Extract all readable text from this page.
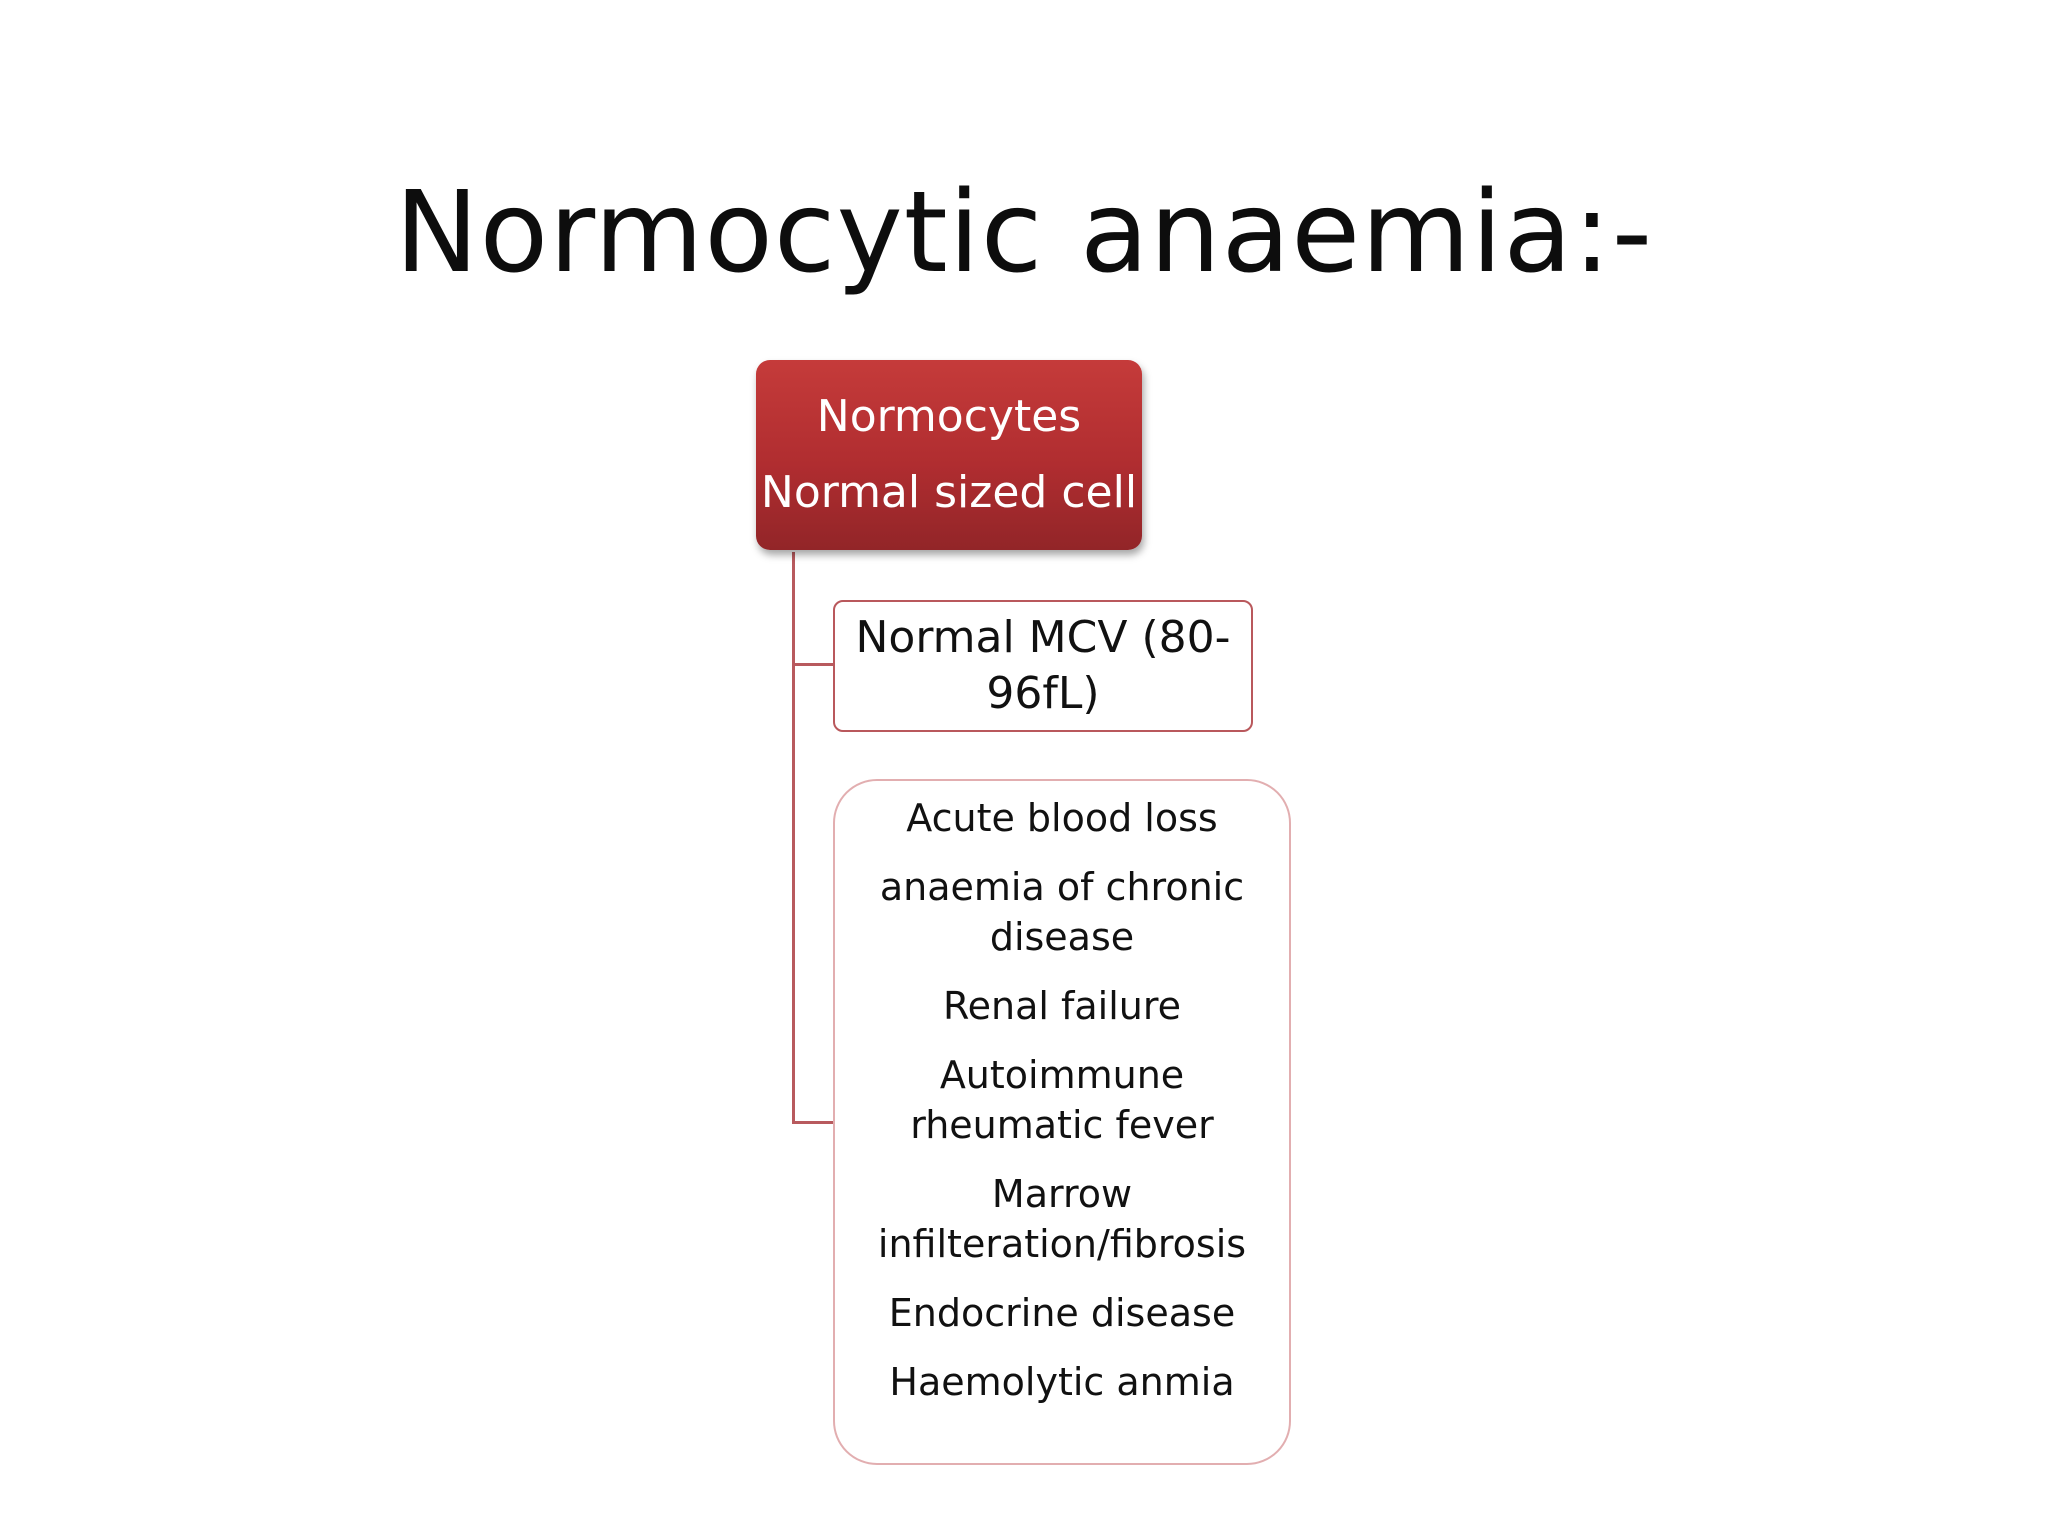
Normocytic anaemia:-
Normocytes
Normal sized cell
Normal MCV (80-96fL)
Acute blood loss
anaemia of chronic disease
Renal failure
Autoimmune rheumatic fever
Marrow infilteration/fibrosis
Endocrine disease
Haemolytic anmia
